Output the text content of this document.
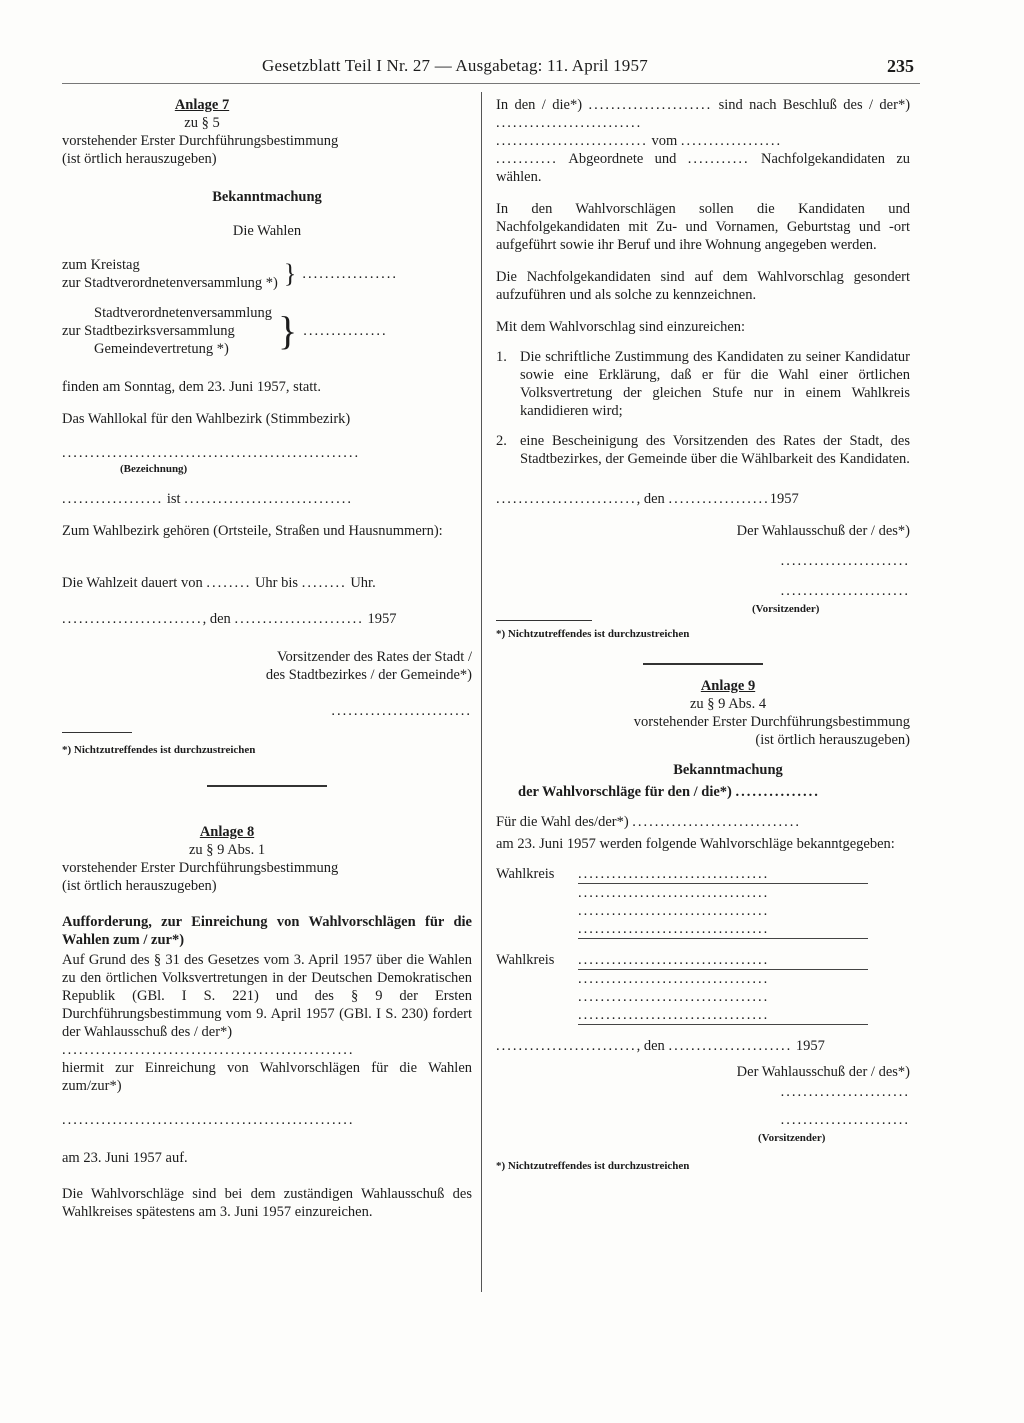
Gesetzblatt Teil I Nr. 27 — Ausgabetag: 11. April 1957	235
Anlage 7
zu § 5
vorstehender Erster Durchführungsbestimmung
(ist örtlich herauszugeben)
Bekanntmachung
Die Wahlen
zum Kreistag
zur Stadtverordnetenversammlung *) } .................
Stadtverordnetenversammlung
zur Stadtbezirksversammlung
Gemeindevertretung *)	} ...............
finden am Sonntag, dem 23. Juni 1957, statt.
Das Wahllokal für den Wahlbezirk (Stimmbezirk)
.....................................................
(Bezeichnung)
.................. ist ..............................
Zum Wahlbezirk gehören (Ortsteile, Straßen und Hausnummern):
Die Wahlzeit dauert von ........ Uhr bis ........ Uhr.
........................., den ....................... 1957
Vorsitzender des Rates der Stadt / des Stadtbezirkes / der Gemeinde*)
.........................
*) Nichtzutreffendes ist durchzustreichen
Anlage 8
zu § 9 Abs. 1
vorstehender Erster Durchführungsbestimmung
(ist örtlich herauszugeben)
Aufforderung, zur Einreichung von Wahlvorschlägen für die Wahlen zum / zur*)
Auf Grund des § 31 des Gesetzes vom 3. April 1957 über die Wahlen zu den örtlichen Volksvertretungen in der Deutschen Demokratischen Republik (GBl. I S. 221) und des § 9 der Ersten Durchführungsbestimmung vom 9. April 1957 (GBl. I S. 230) fordert der Wahlausschuß des / der*)
....................................................
hiermit zur Einreichung von Wahlvorschlägen für die Wahlen zum/zur*)
....................................................
am 23. Juni 1957 auf.
Die Wahlvorschläge sind bei dem zuständigen Wahlausschuß des Wahlkreises spätestens am 3. Juni 1957 einzureichen.
In den / die*) ...................... sind nach Beschluß des / der*) ..........................
........................... vom ..................
........... Abgeordnete und ........... Nachfolgekandidaten zu wählen.
In den Wahlvorschlägen sollen die Kandidaten und Nachfolgekandidaten mit Zu- und Vornamen, Geburtstag und -ort aufgeführt sowie ihr Beruf und ihre Wohnung angegeben werden.
Die Nachfolgekandidaten sind auf dem Wahlvorschlag gesondert aufzuführen und als solche zu kennzeichnen.
Mit dem Wahlvorschlag sind einzureichen:
1. Die schriftliche Zustimmung des Kandidaten zu seiner Kandidatur sowie eine Erklärung, daß er für die Wahl einer örtlichen Volksvertretung der gleichen Stufe nur in einem Wahlkreis kandidieren wird;
2. eine Bescheinigung des Vorsitzenden des Rates der Stadt, des Stadtbezirkes, der Gemeinde über die Wählbarkeit des Kandidaten.
........................., den ..................1957
Der Wahlausschuß der / des*)
.......................
.......................
(Vorsitzender)
*) Nichtzutreffendes ist durchzustreichen
Anlage 9
zu § 9 Abs. 4
vorstehender Erster Durchführungsbestimmung
(ist örtlich herauszugeben)
Bekanntmachung
der Wahlvorschläge für den / die*) ...............
Für die Wahl des/der*) ..............................
am 23. Juni 1957 werden folgende Wahlvorschläge bekanntgegeben:
Wahlkreis	..................................
..................................
..................................
..................................
Wahlkreis	..................................
..................................
..................................
..................................
........................., den ...................... 1957
Der Wahlausschuß der / des*)
.......................
.......................
(Vorsitzender)
*) Nichtzutreffendes ist durchzustreichen
